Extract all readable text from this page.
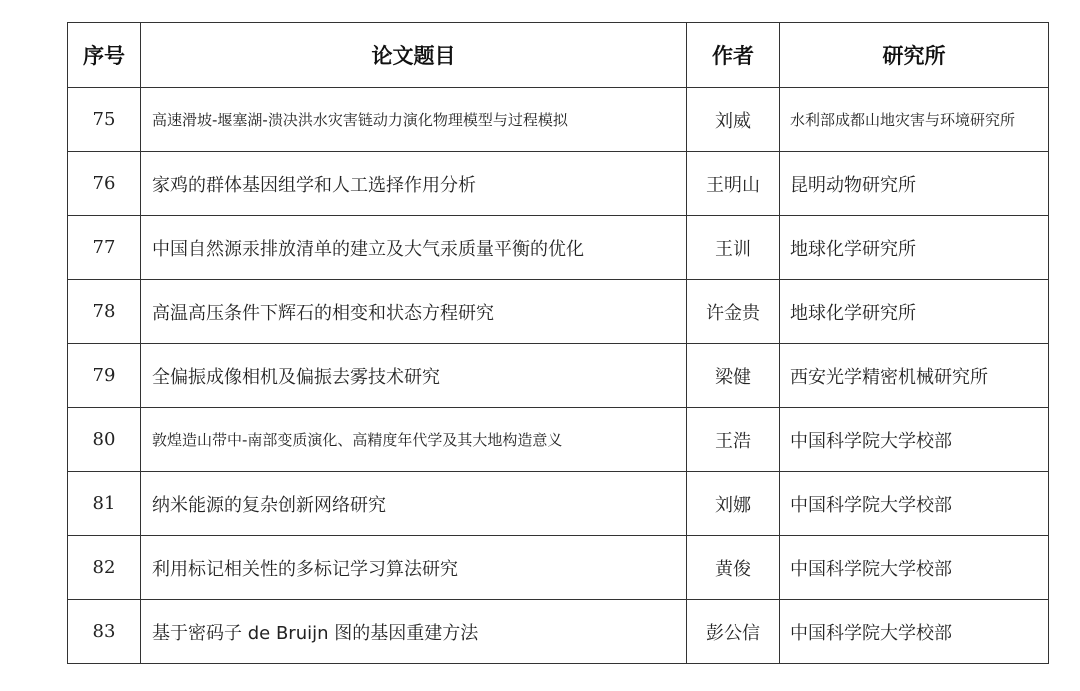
序号	论文题目	作者	研究所
75	高速滑坡-堰塞湖-溃决洪水灾害链动力演化物理模型与过程模拟	刘威	水利部成都山地灾害与环境研究所
76	家鸡的群体基因组学和人工选择作用分析	王明山	昆明动物研究所
77	中国自然源汞排放清单的建立及大气汞质量平衡的优化	王训	地球化学研究所
78	高温高压条件下辉石的相变和状态方程研究	许金贵	地球化学研究所
79	全偏振成像相机及偏振去雾技术研究	梁健	西安光学精密机械研究所
80	敦煌造山带中-南部变质演化、高精度年代学及其大地构造意义	王浩	中国科学院大学校部
81	纳米能源的复杂创新网络研究	刘娜	中国科学院大学校部
82	利用标记相关性的多标记学习算法研究	黄俊	中国科学院大学校部
83	基于密码子 de Bruijn 图的基因重建方法	彭公信	中国科学院大学校部
